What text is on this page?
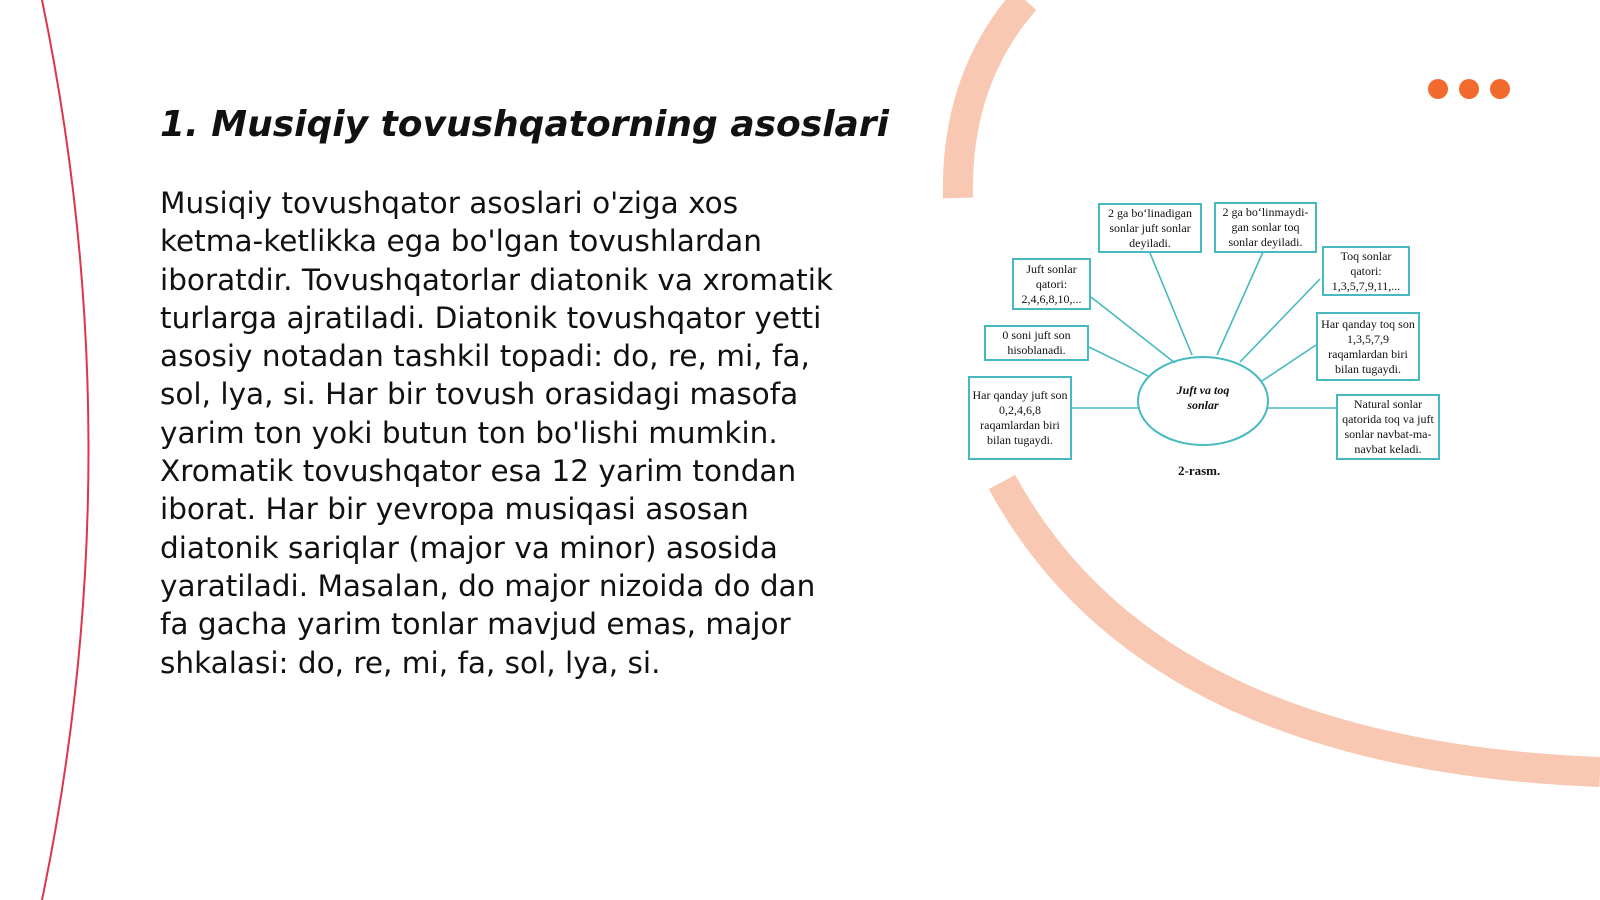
1. Musiqiy tovushqatorning asoslari
Musiqiy tovushqator asoslari o'ziga xos ketma-ketlikka ega bo'lgan tovushlardan iboratdir. Tovushqatorlar diatonik va xromatik turlarga ajratiladi. Diatonik tovushqator yetti asosiy notadan tashkil topadi: do, re, mi, fa, sol, lya, si. Har bir tovush orasidagi masofa yarim ton yoki butun ton bo'lishi mumkin. Xromatik tovushqator esa 12 yarim tondan iborat. Har bir yevropa musiqasi asosan diatonik sariqlar (major va minor) asosida yaratiladi. Masalan, do major nizoida do dan fa gacha yarim tonlar mavjud emas, major shkalasi: do, re, mi, fa, sol, lya, si.
Juft va toq sonlar
2 ga bo‘linadigan sonlar juft sonlar deyiladi.
2 ga bo‘linmaydi-gan sonlar toq sonlar deyiladi.
Juft sonlar qatori: 2,4,6,8,10,...
Toq sonlar qatori: 1,3,5,7,9,11,...
0 soni juft son hisoblanadi.
Har qanday toq son 1,3,5,7,9 raqamlardan biri bilan tugaydi.
Har qanday juft son 0,2,4,6,8 raqamlardan biri bilan tugaydi.
Natural sonlar qatorida toq va juft sonlar navbat-ma-navbat keladi.
2-rasm.
